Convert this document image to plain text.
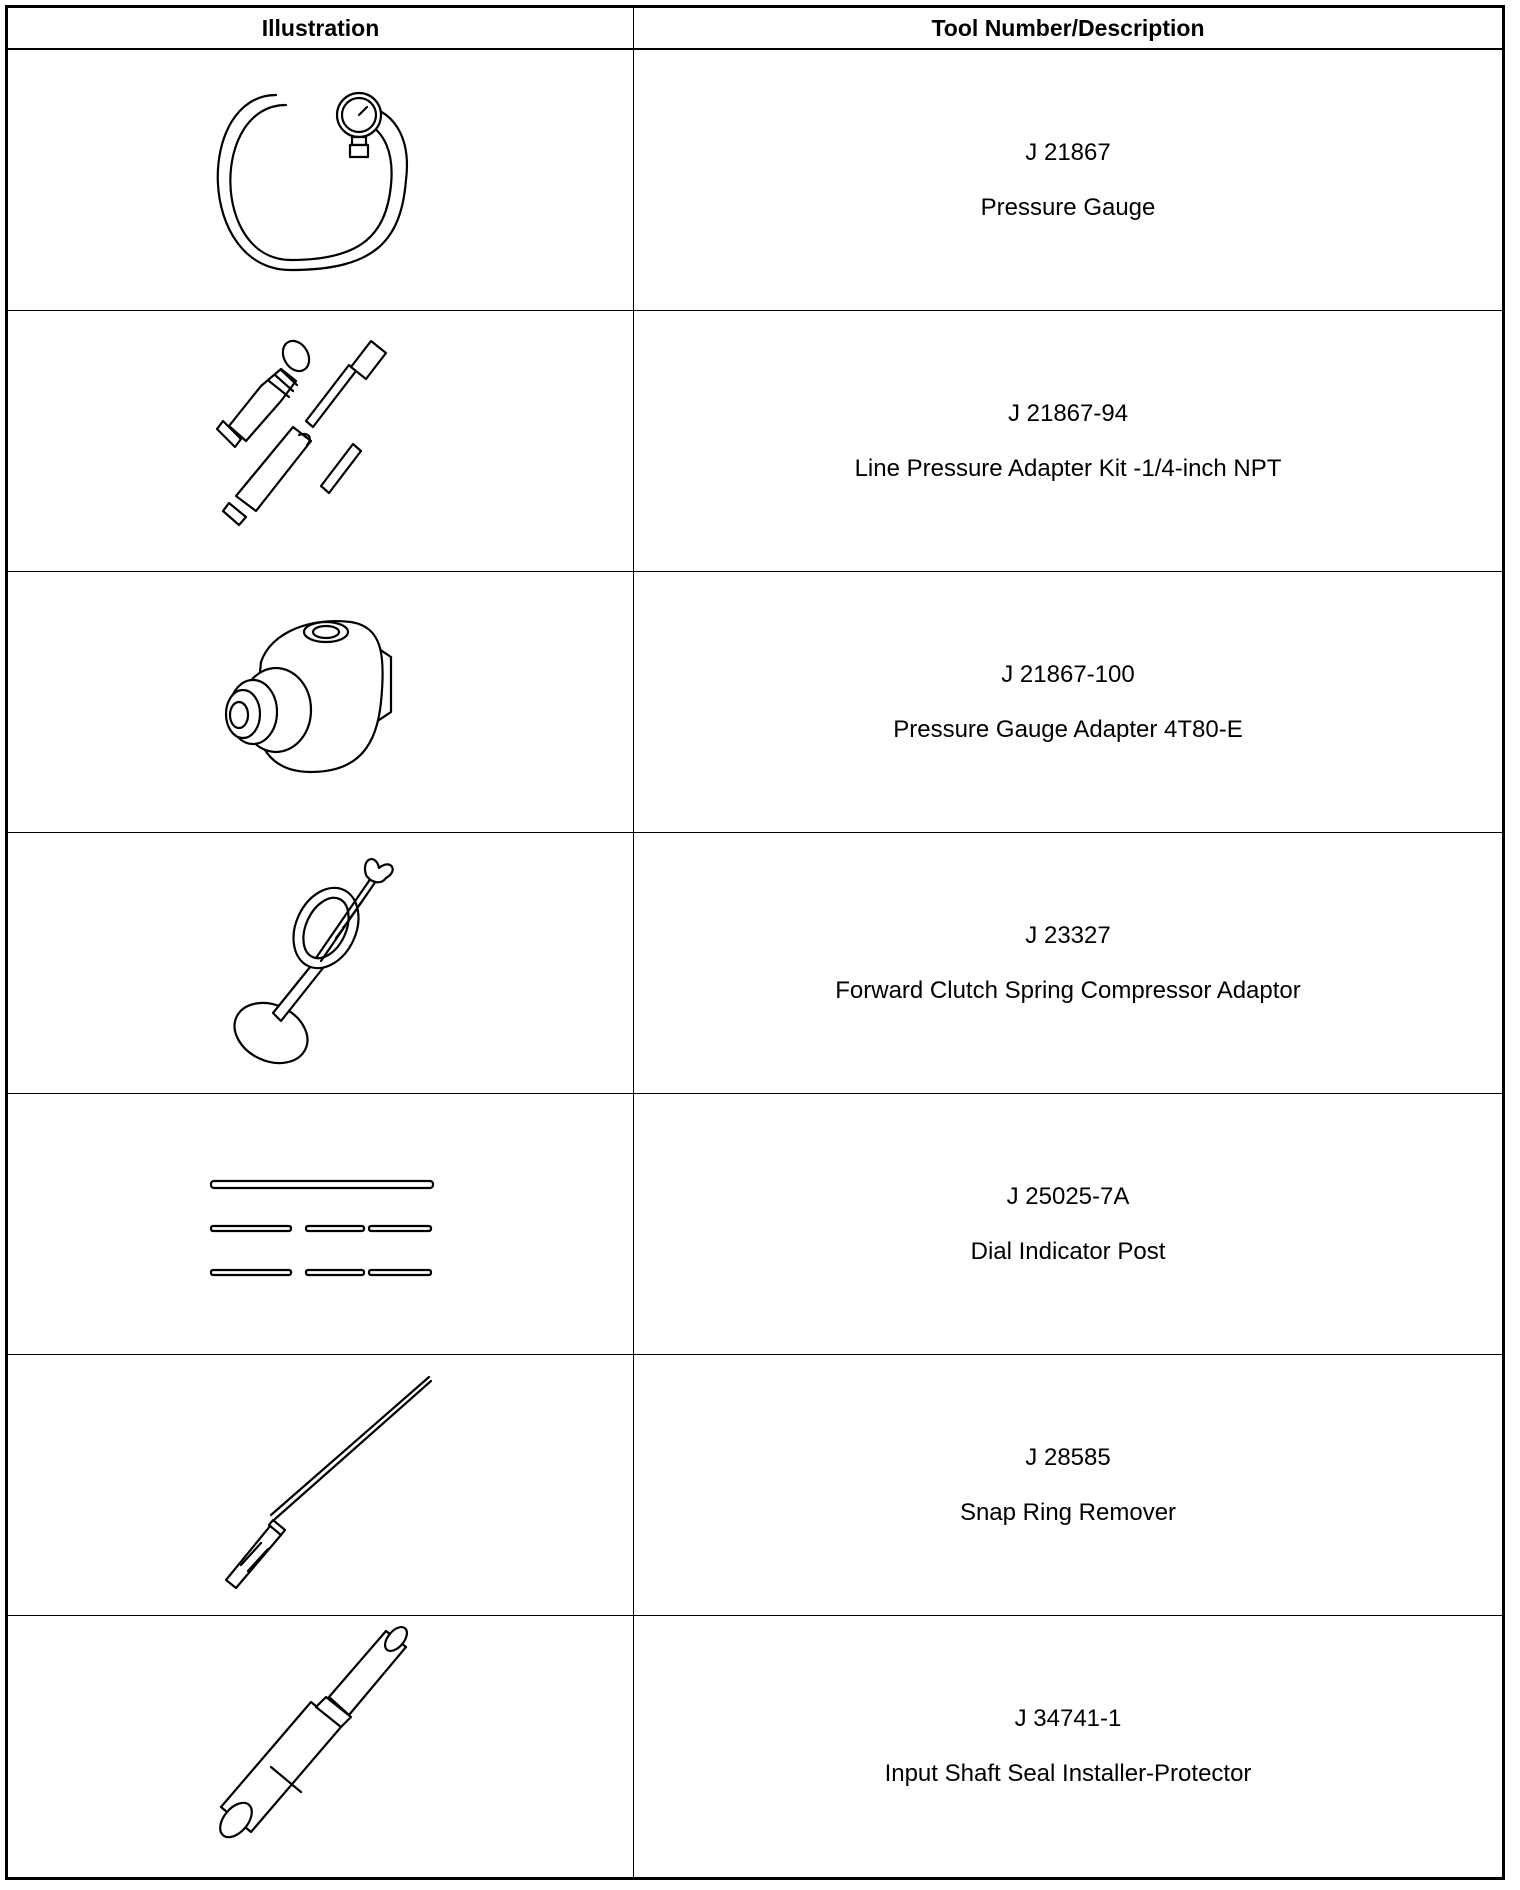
Illustration	Tool Number/Description
J 21867
Pressure Gauge
J 21867-94
Line Pressure Adapter Kit -1/4-inch NPT
J 21867-100
Pressure Gauge Adapter 4T80-E
J 23327
Forward Clutch Spring Compressor Adaptor
J 25025-7A
Dial Indicator Post
J 28585
Snap Ring Remover
J 34741-1
Input Shaft Seal Installer-Protector
